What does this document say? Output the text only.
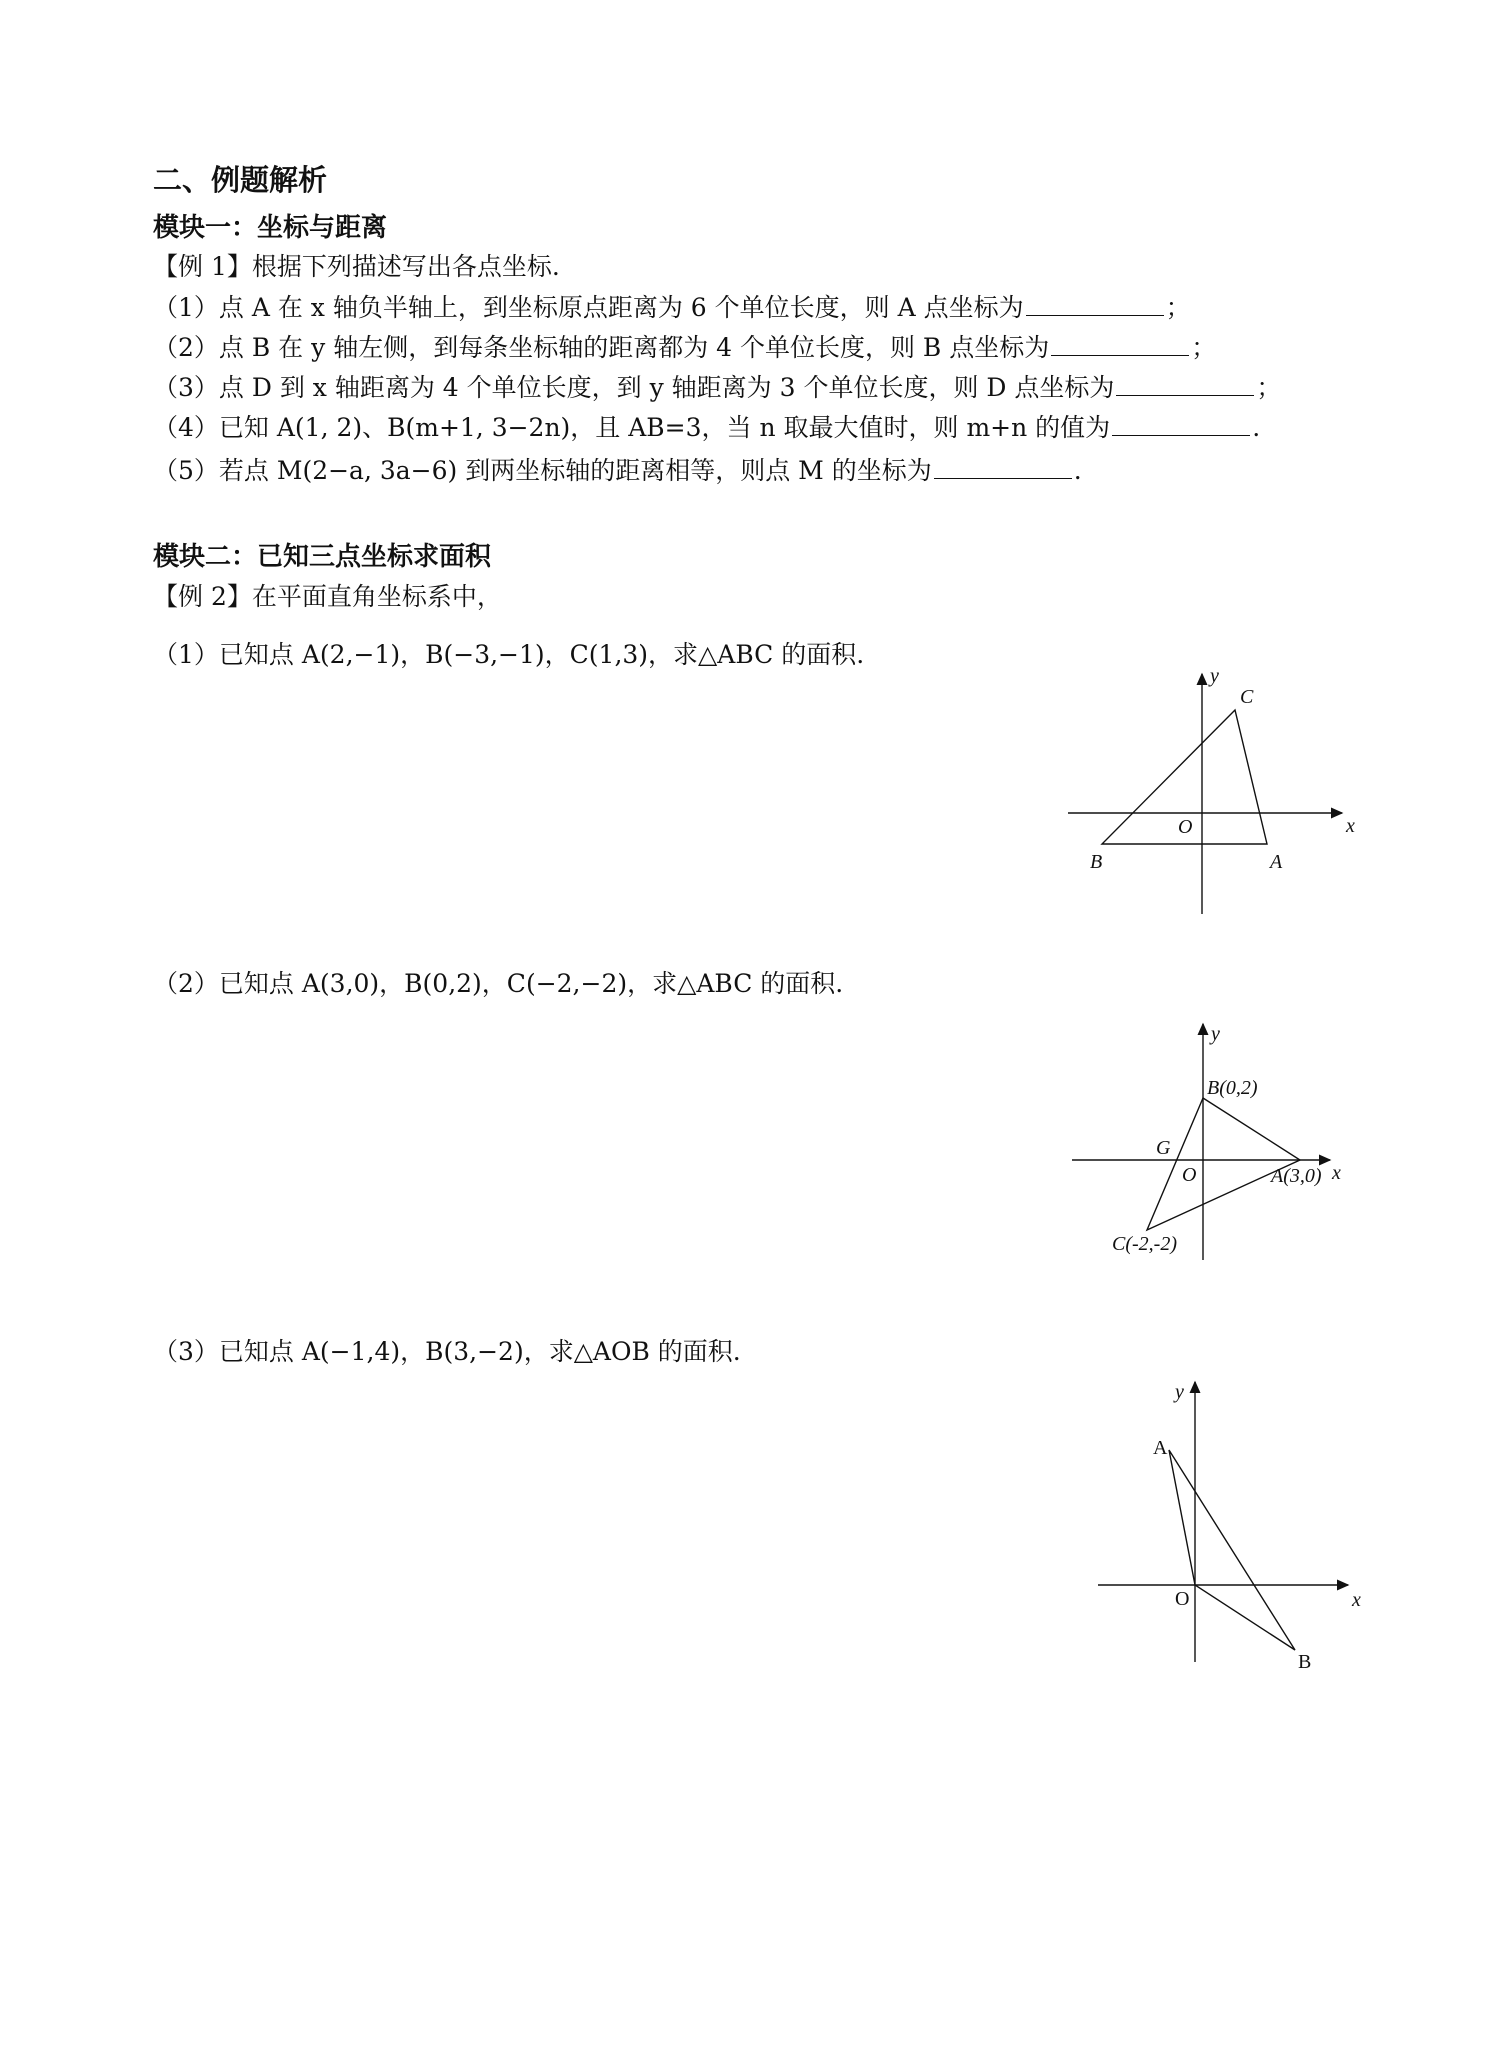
二、例题解析
模块一：坐标与距离
【例 1】根据下列描述写出各点坐标.
（1）点 A 在 x 轴负半轴上，到坐标原点距离为 6 个单位长度，则 A 点坐标为	；
（2）点 B 在 y 轴左侧，到每条坐标轴的距离都为 4 个单位长度，则 B 点坐标为	；
（3）点 D 到 x 轴距离为 4 个单位长度，到 y 轴距离为 3 个单位长度，则 D 点坐标为	；
（4）已知 A(1, 2)、B(m+1, 3−2n)，且 AB=3，当 n 取最大值时，则 m+n 的值为	.
（5）若点 M(2−a, 3a−6) 到两坐标轴的距离相等，则点 M 的坐标为	.
模块二：已知三点坐标求面积
【例 2】在平面直角坐标系中，
（1）已知点 A(2,−1)，B(−3,−1)，C(1,3)，求△ABC 的面积.
（2）已知点 A(3,0)，B(0,2)，C(−2,−2)，求△ABC 的面积.
（3）已知点 A(−1,4)，B(3,−2)，求△AOB 的面积.
x
y
O
B	A
C
x
y
O
G
B(0,2)
A(3,0)
C(-2,-2)
x
y
O
A
B
